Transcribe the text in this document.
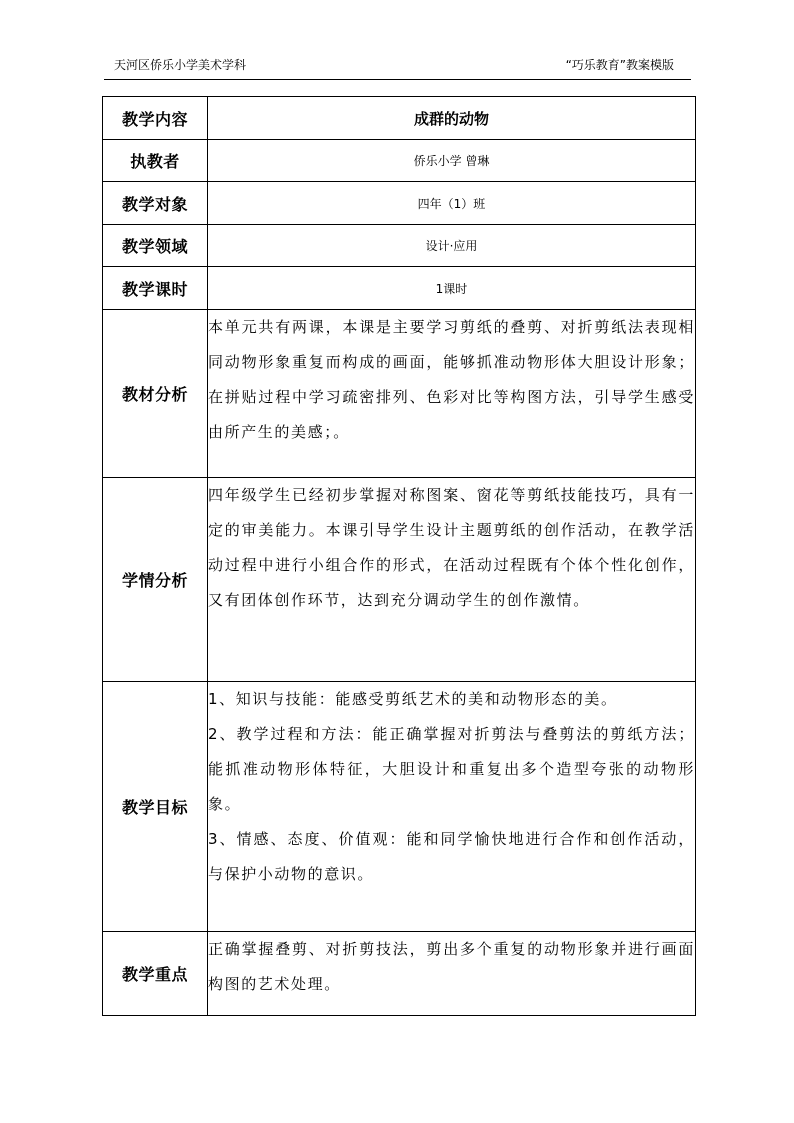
天河区侨乐小学美术学科	“巧乐教育”教案模版
教学内容	成群的动物
执教者	侨乐小学 曾琳
教学对象	四年（1）班
教学领域	设计·应用
教学课时	1课时
教材分析	本单元共有两课，本课是主要学习剪纸的叠剪、对折剪纸法表现相同动物形象重复而构成的画面，能够抓准动物形体大胆设计形象；在拼贴过程中学习疏密排列、色彩对比等构图方法，引导学生感受由所产生的美感；。
学情分析	四年级学生已经初步掌握对称图案、窗花等剪纸技能技巧，具有一定的审美能力。本课引导学生设计主题剪纸的创作活动，在教学活动过程中进行小组合作的形式，在活动过程既有个体个性化创作，又有团体创作环节，达到充分调动学生的创作激情。
教学目标	1、知识与技能：能感受剪纸艺术的美和动物形态的美。

2、教学过程和方法：能正确掌握对折剪法与叠剪法的剪纸方法；能抓准动物形体特征，大胆设计和重复出多个造型夸张的动物形象。

3、情感、态度、价值观：能和同学愉快地进行合作和创作活动，与保护小动物的意识。

教学重点	正确掌握叠剪、对折剪技法，剪出多个重复的动物形象并进行画面构图的艺术处理。
